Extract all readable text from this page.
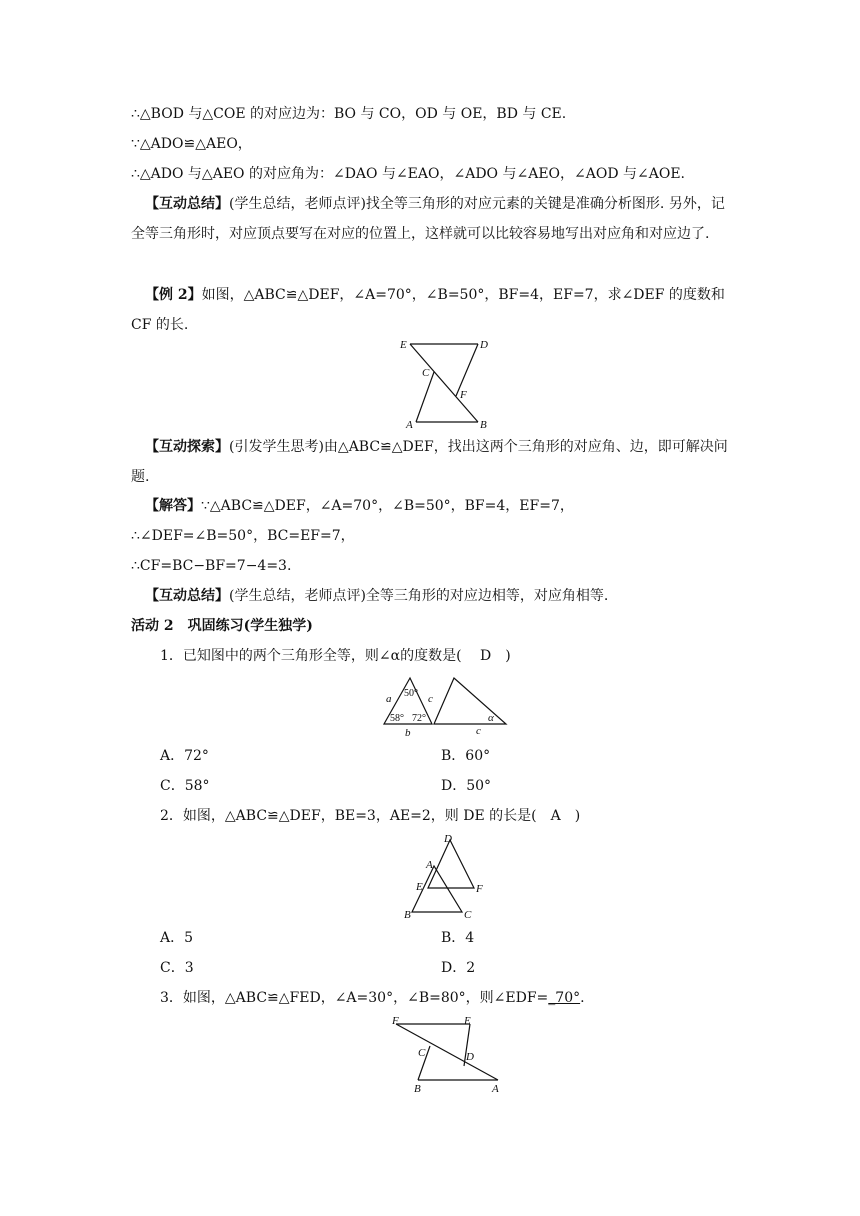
∴△BOD 与△COE 的对应边为：BO 与 CO，OD 与 OE，BD 与 CE.
∵△ADO≌△AEO，
∴△ADO 与△AEO 的对应角为：∠DAO 与∠EAO，∠ADO 与∠AEO，∠AOD 与∠AOE.
【互动总结】(学生总结，老师点评)找全等三角形的对应元素的关键是准确分析图形. 另外，记全等三角形时，对应顶点要写在对应的位置上，这样就可以比较容易地写出对应角和对应边了.
【例 2】如图，△ABC≌△DEF，∠A=70°，∠B=50°，BF=4，EF=7，求∠DEF 的度数和 CF 的长.
E	D
C
F
A	B
【互动探索】(引发学生思考)由△ABC≌△DEF，找出这两个三角形的对应角、边，即可解决问题.
【解答】∵△ABC≌△DEF，∠A=70°，∠B=50°，BF=4，EF=7，
∴∠DEF=∠B=50°，BC=EF=7，
∴CF=BC−BF=7−4=3.
【互动总结】(学生总结，老师点评)全等三角形的对应边相等，对应角相等.
活动 2　巩固练习(学生独学)
1．已知图中的两个三角形全等，则∠α的度数是(　 D　)
a	c
b
50°
58° 72°	α
c
A．72°	B．60°
C．58°	D．50°
2．如图，△ABC≌△DEF，BE=3，AE=2，则 DE 的长是(　A　)
D
A
E	F
B	C
A．5	B．4
C．3	D．2
3．如图，△ABC≌△FED，∠A=30°，∠B=80°，则∠EDF=_70°.
F	E
C	D
B	A
